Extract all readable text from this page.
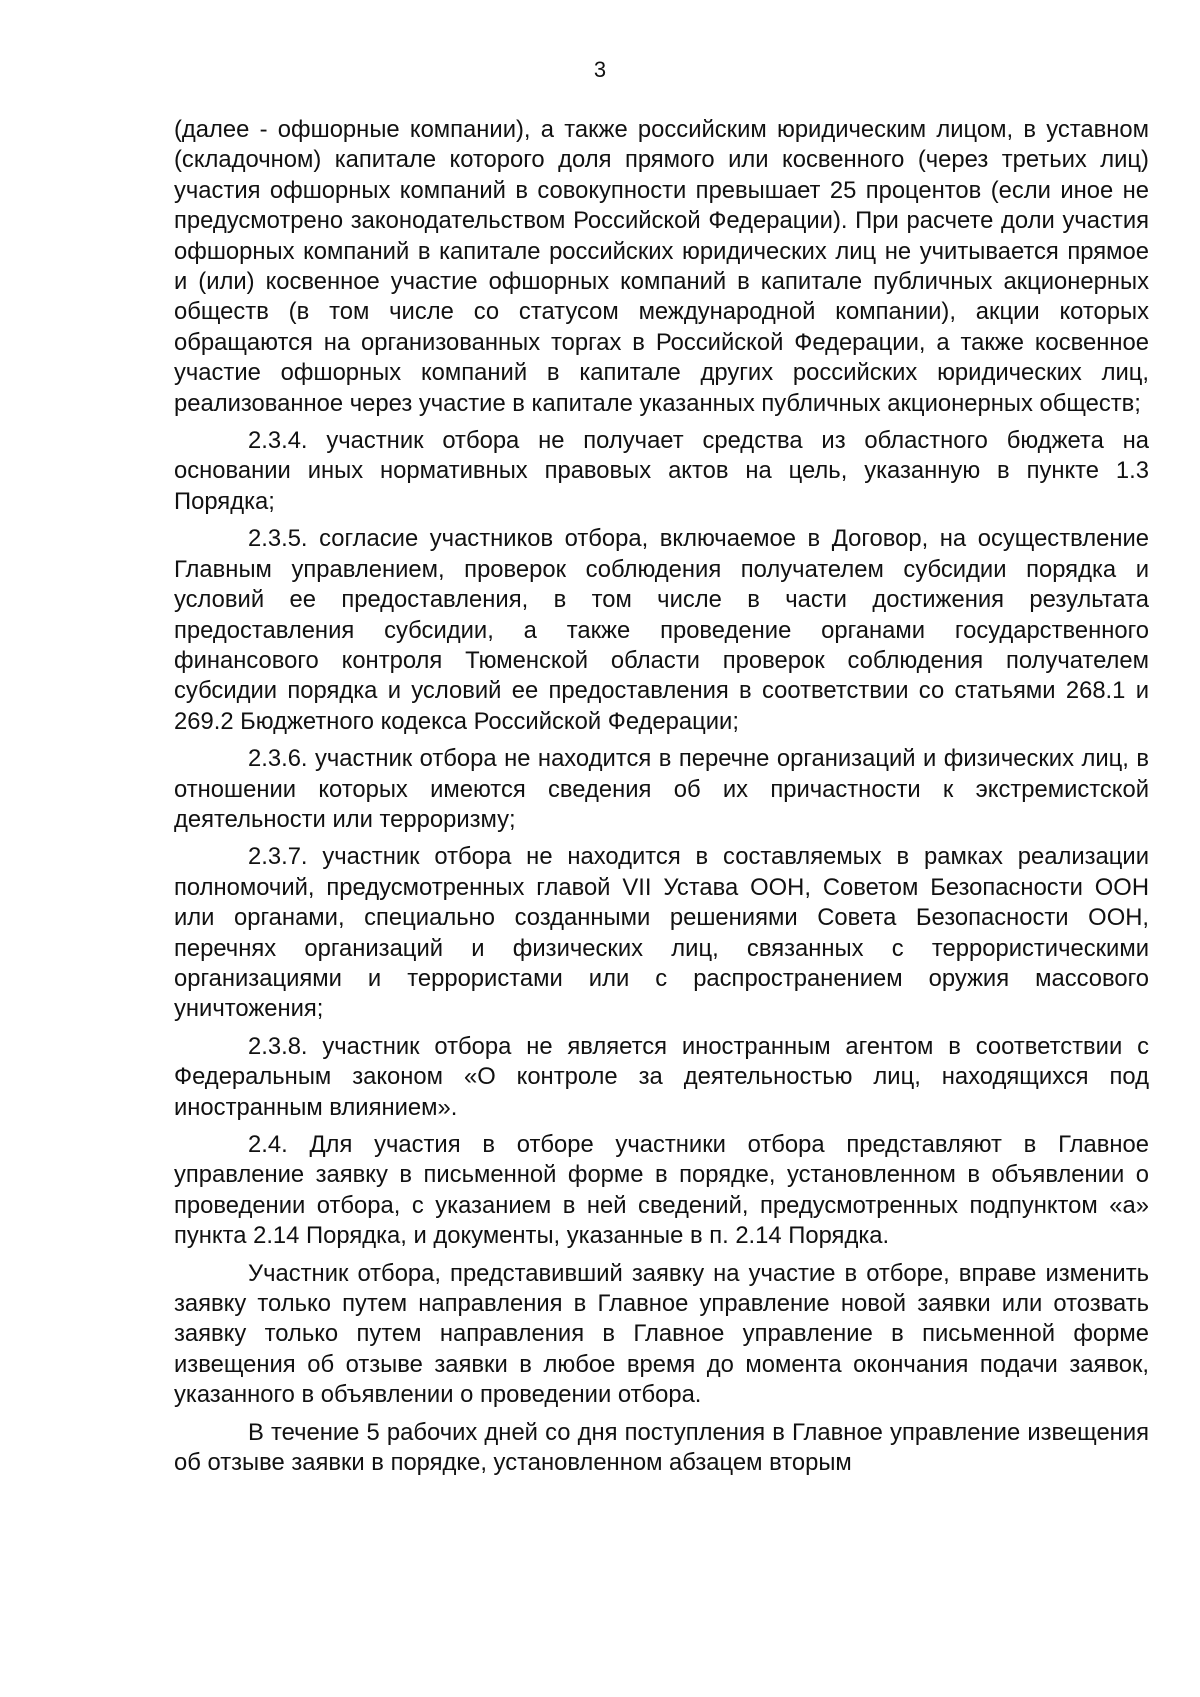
3

(далее - офшорные компании), а также российским юридическим лицом, в уставном (складочном) капитале которого доля прямого или косвенного (через третьих лиц) участия офшорных компаний в совокупности превышает 25 процентов (если иное не предусмотрено законодательством Российской Федерации). При расчете доли участия офшорных компаний в капитале российских юридических лиц не учитывается прямое и (или) косвенное участие офшорных компаний в капитале публичных акционерных обществ (в том числе со статусом международной компании), акции которых обращаются на организованных торгах в Российской Федерации, а также косвенное участие офшорных компаний в капитале других российских юридических лиц, реализованное через участие в капитале указанных публичных акционерных обществ;

2.3.4. участник отбора не получает средства из областного бюджета на основании иных нормативных правовых актов на цель, указанную в пункте 1.3 Порядка;

2.3.5. согласие участников отбора, включаемое в Договор, на осуществление Главным управлением, проверок соблюдения получателем субсидии порядка и условий ее предоставления, в том числе в части достижения результата предоставления субсидии, а также проведение органами государственного финансового контроля Тюменской области проверок соблюдения получателем субсидии порядка и условий ее предоставления в соответствии со статьями 268.1 и 269.2 Бюджетного кодекса Российской Федерации;

2.3.6. участник отбора не находится в перечне организаций и физических лиц, в отношении которых имеются сведения об их причастности к экстремистской деятельности или терроризму;

2.3.7. участник отбора не находится в составляемых в рамках реализации полномочий, предусмотренных главой VII Устава ООН, Советом Безопасности ООН или органами, специально созданными решениями Совета Безопасности ООН, перечнях организаций и физических лиц, связанных с террористическими организациями и террористами или с распространением оружия массового уничтожения;

2.3.8. участник отбора не является иностранным агентом в соответствии с Федеральным законом «О контроле за деятельностью лиц, находящихся под иностранным влиянием».

2.4. Для участия в отборе участники отбора представляют в Главное управление заявку в письменной форме в порядке, установленном в объявлении о проведении отбора, с указанием в ней сведений, предусмотренных подпунктом «а» пункта 2.14 Порядка, и документы, указанные в п. 2.14 Порядка.

Участник отбора, представивший заявку на участие в отборе, вправе изменить заявку только путем направления в Главное управление новой заявки или отозвать заявку только путем направления в Главное управление в письменной форме извещения об отзыве заявки в любое время до момента окончания подачи заявок, указанного в объявлении о проведении отбора.

В течение 5 рабочих дней со дня поступления в Главное управление извещения об отзыве заявки в порядке, установленном абзацем вторым
